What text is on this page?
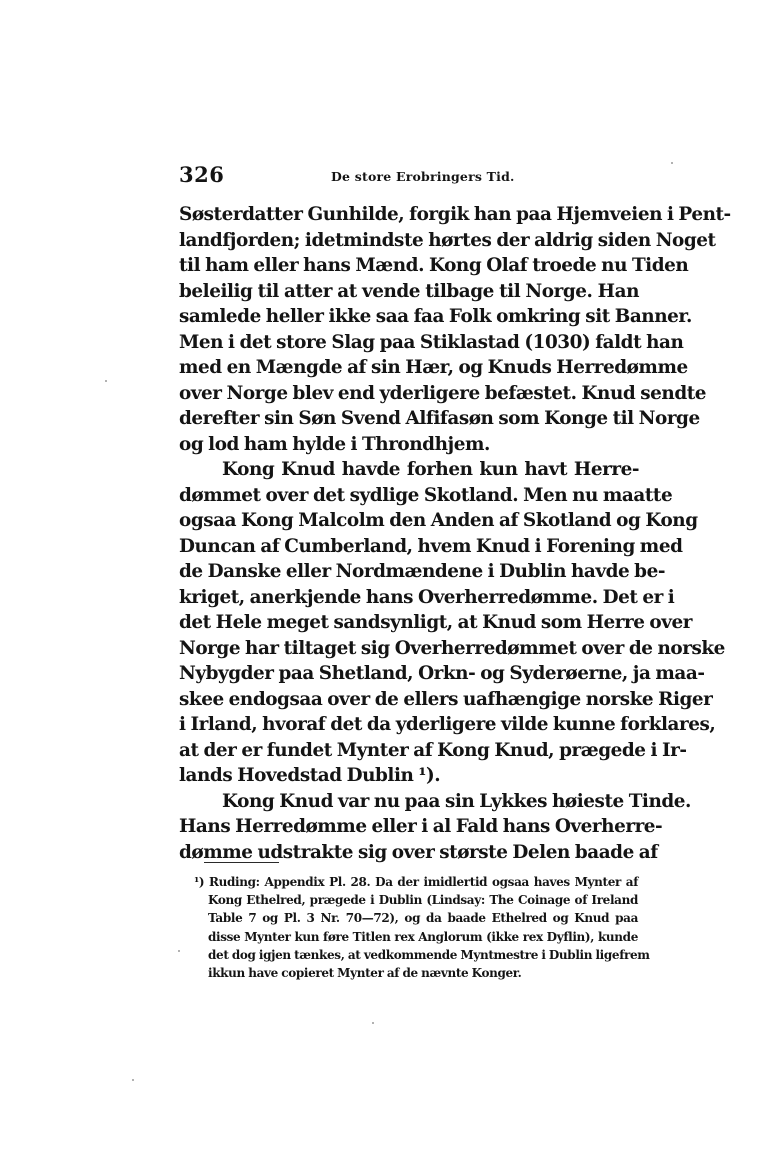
326	De store Erobringers Tid.
Søsterdatter Gunhilde, forgik han paa Hjemveien i Pent-
landfjorden; idetmindste hørtes der aldrig siden Noget
til ham eller hans Mænd. Kong Olaf troede nu Tiden
beleilig til atter at vende tilbage til Norge. Han
samlede heller ikke saa faa Folk omkring sit Banner.
Men i det store Slag paa Stiklastad (1030) faldt han
med en Mængde af sin Hær, og Knuds Herredømme
over Norge blev end yderligere befæstet. Knud sendte
derefter sin Søn Svend Alfifasøn som Konge til Norge
og lod ham hylde i Throndhjem.
Kong Knud havde forhen kun havt Herre-
dømmet over det sydlige Skotland. Men nu maatte
ogsaa Kong Malcolm den Anden af Skotland og Kong
Duncan af Cumberland, hvem Knud i Forening med
de Danske eller Nordmændene i Dublin havde be-
kriget, anerkjende hans Overherredømme. Det er i
det Hele meget sandsynligt, at Knud som Herre over
Norge har tiltaget sig Overherredømmet over de norske
Nybygder paa Shetland, Orkn- og Syderøerne, ja maa-
skee endogsaa over de ellers uafhængige norske Riger
i Irland, hvoraf det da yderligere vilde kunne forklares,
at der er fundet Mynter af Kong Knud, prægede i Ir-
lands Hovedstad Dublin ¹).
Kong Knud var nu paa sin Lykkes høieste Tinde.
Hans Herredømme eller i al Fald hans Overherre-
dømme udstrakte sig over største Delen baade af
¹) Ruding: Appendix Pl. 28. Da der imidlertid ogsaa haves Mynter af
Kong Ethelred, prægede i Dublin (Lindsay: The Coinage of Ireland
Table 7 og Pl. 3 Nr. 70—72), og da baade Ethelred og Knud paa
disse Mynter kun føre Titlen rex Anglorum (ikke rex Dyflin), kunde
det dog igjen tænkes, at vedkommende Myntmestre i Dublin ligefrem
ikkun have copieret Mynter af de nævnte Konger.
